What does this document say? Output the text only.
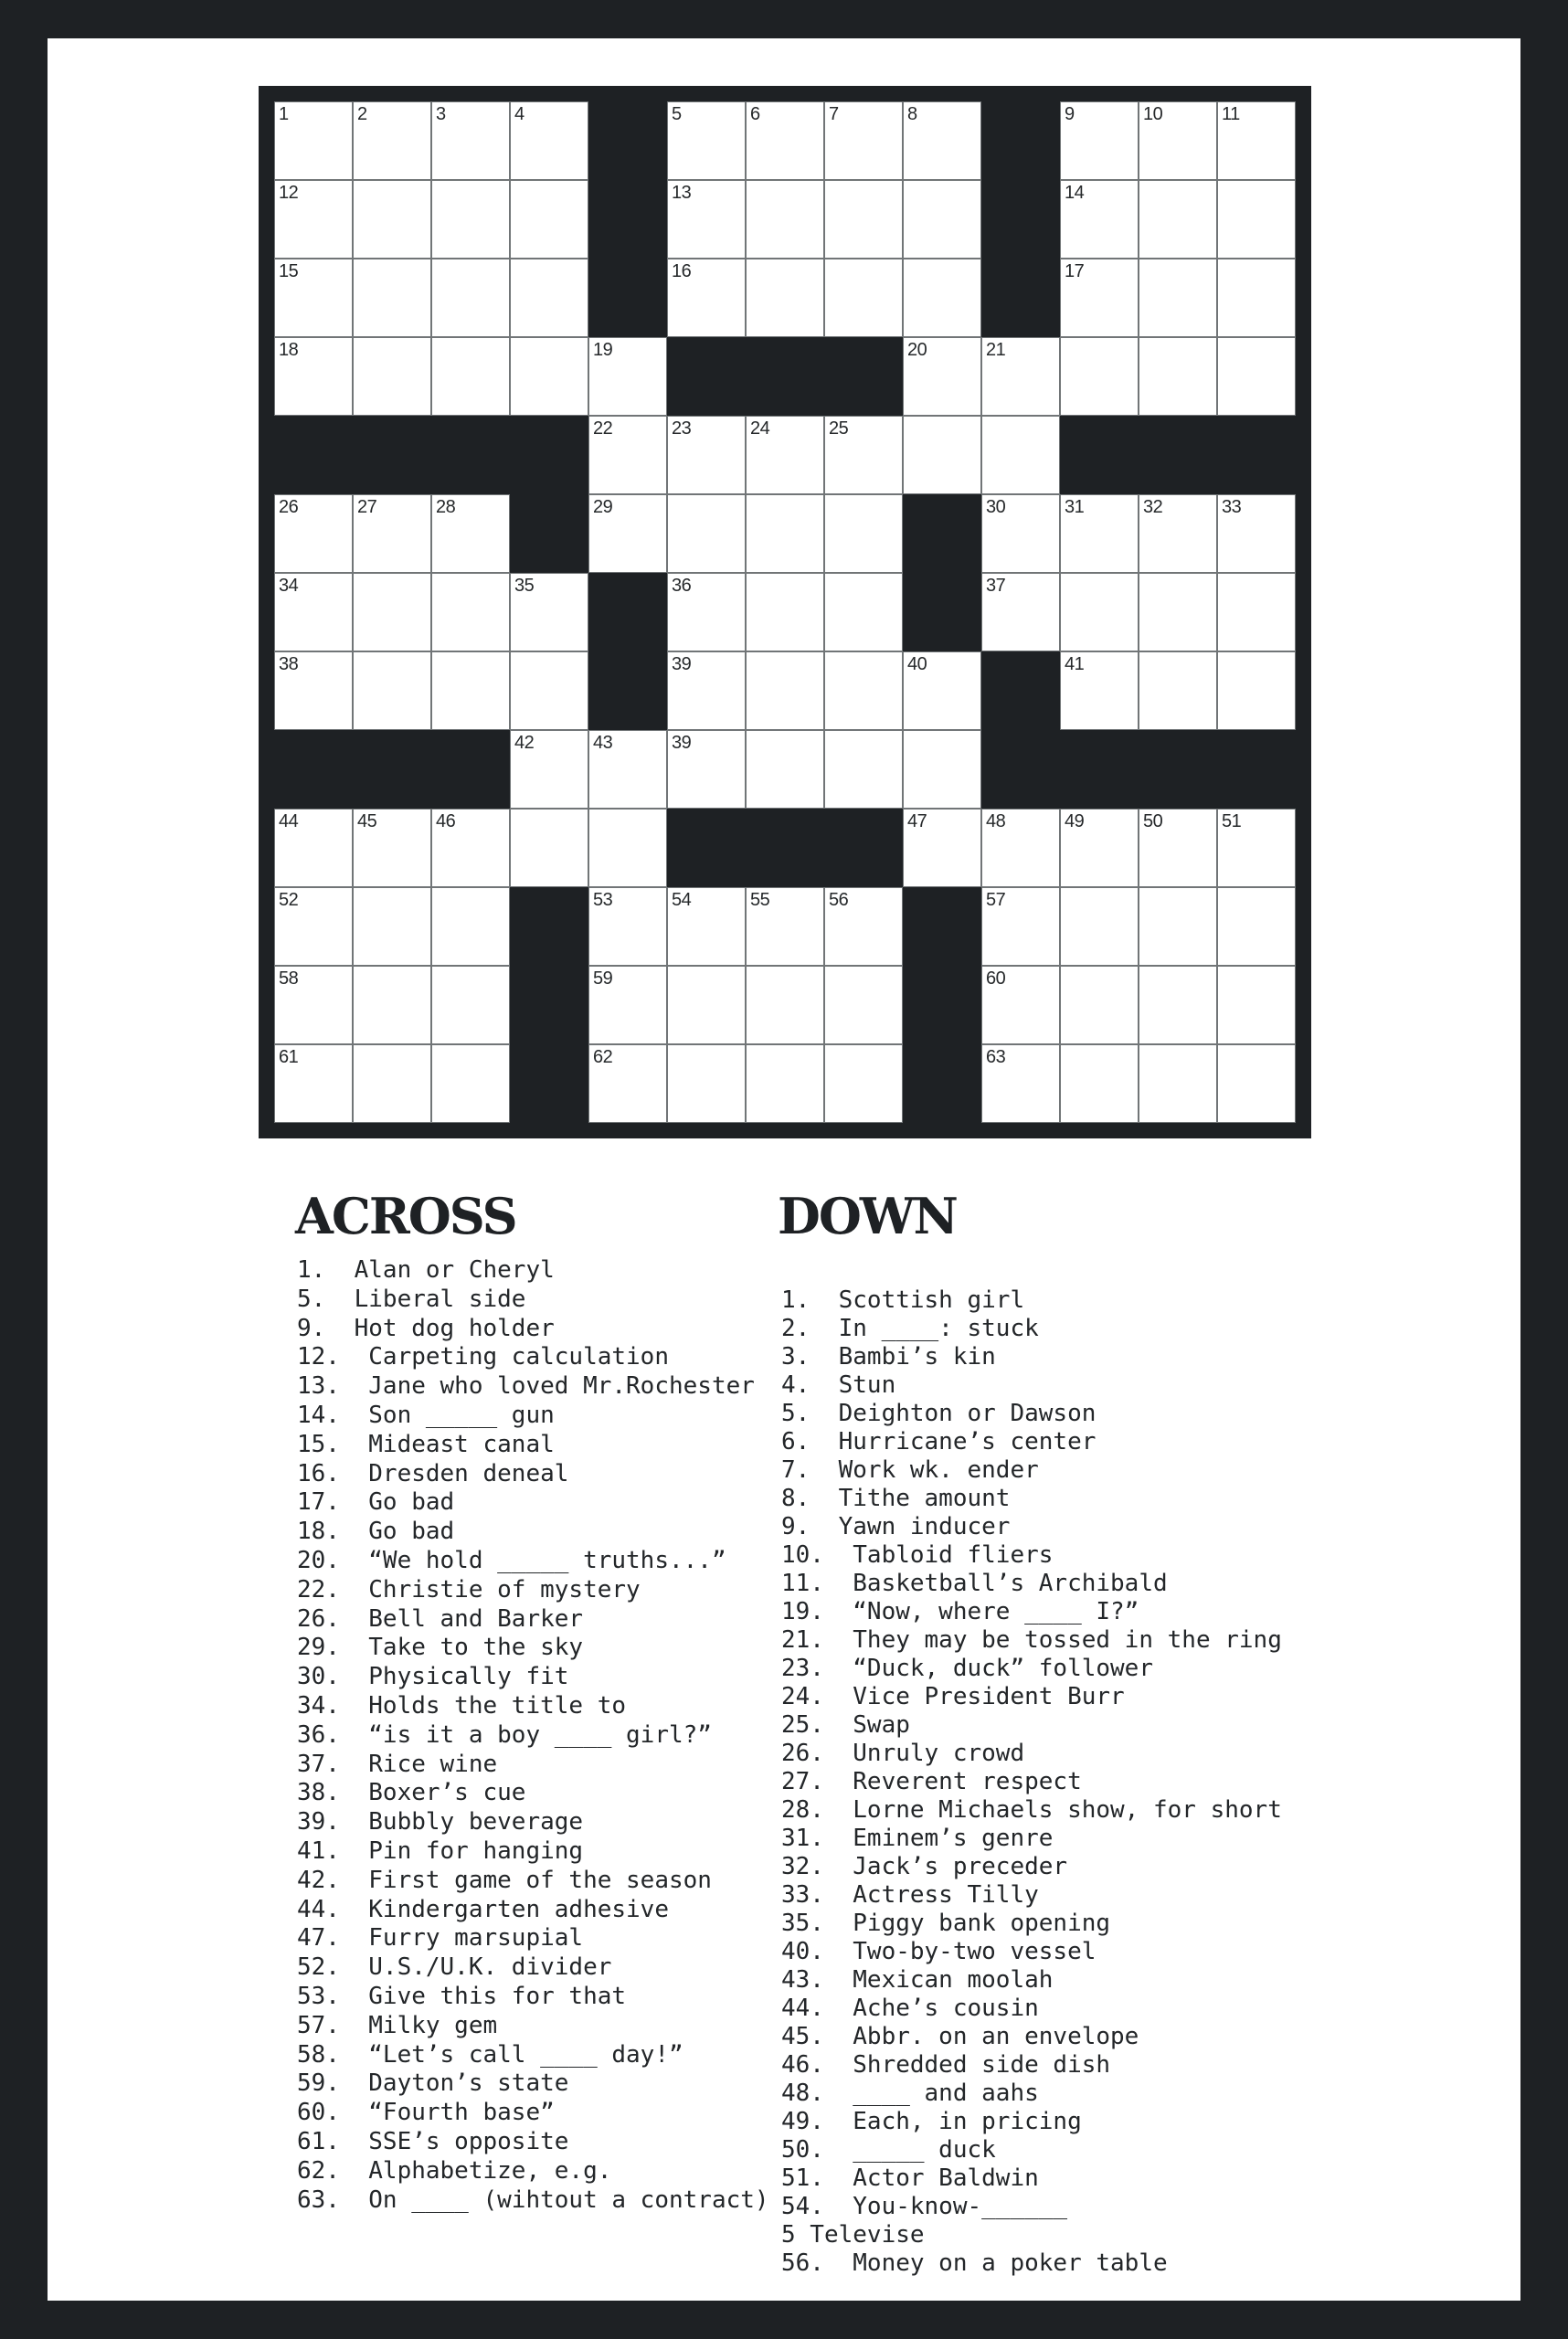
1	2	3	4	5	6	7	8	9	10	11
12	13	14
15	16	17
18	19	20	21
22	23	24	25
26	27	28	29	30	31	32	33
34	35	36	37
38	39	40	41
42	43	39
44	45	46	47	48	49	50	51
52	53	54	55	56	57
58	59	60
61	62	63
ACROSS	DOWN
1.  Alan or Cheryl
5.  Liberal side
9.  Hot dog holder
12.  Carpeting calculation
13.  Jane who loved Mr.Rochester
14.  Son _____ gun
15.  Mideast canal
16.  Dresden deneal
17.  Go bad
18.  Go bad
20.  “We hold _____ truths...”
22.  Christie of mystery
26.  Bell and Barker
29.  Take to the sky
30.  Physically fit
34.  Holds the title to
36.  “is it a boy ____ girl?”
37.  Rice wine
38.  Boxer’s cue
39.  Bubbly beverage
41.  Pin for hanging
42.  First game of the season
44.  Kindergarten adhesive
47.  Furry marsupial
52.  U.S./U.K. divider
53.  Give this for that
57.  Milky gem
58.  “Let’s call ____ day!”
59.  Dayton’s state
60.  “Fourth base”
61.  SSE’s opposite
62.  Alphabetize, e.g.
63.  On ____ (wihtout a contract)
1.  Scottish girl
2.  In ____: stuck
3.  Bambi’s kin
4.  Stun
5.  Deighton or Dawson
6.  Hurricane’s center
7.  Work wk. ender
8.  Tithe amount
9.  Yawn inducer
10.  Tabloid fliers
11.  Basketball’s Archibald
19.  “Now, where ____ I?”
21.  They may be tossed in the ring
23.  “Duck, duck” follower
24.  Vice President Burr
25.  Swap
26.  Unruly crowd
27.  Reverent respect
28.  Lorne Michaels show, for short
31.  Eminem’s genre
32.  Jack’s preceder
33.  Actress Tilly
35.  Piggy bank opening
40.  Two-by-two vessel
43.  Mexican moolah
44.  Ache’s cousin
45.  Abbr. on an envelope
46.  Shredded side dish
48.  ____ and aahs
49.  Each, in pricing
50.  _____ duck
51.  Actor Baldwin
54.  You-know-______
5 Televise
56.  Money on a poker table
